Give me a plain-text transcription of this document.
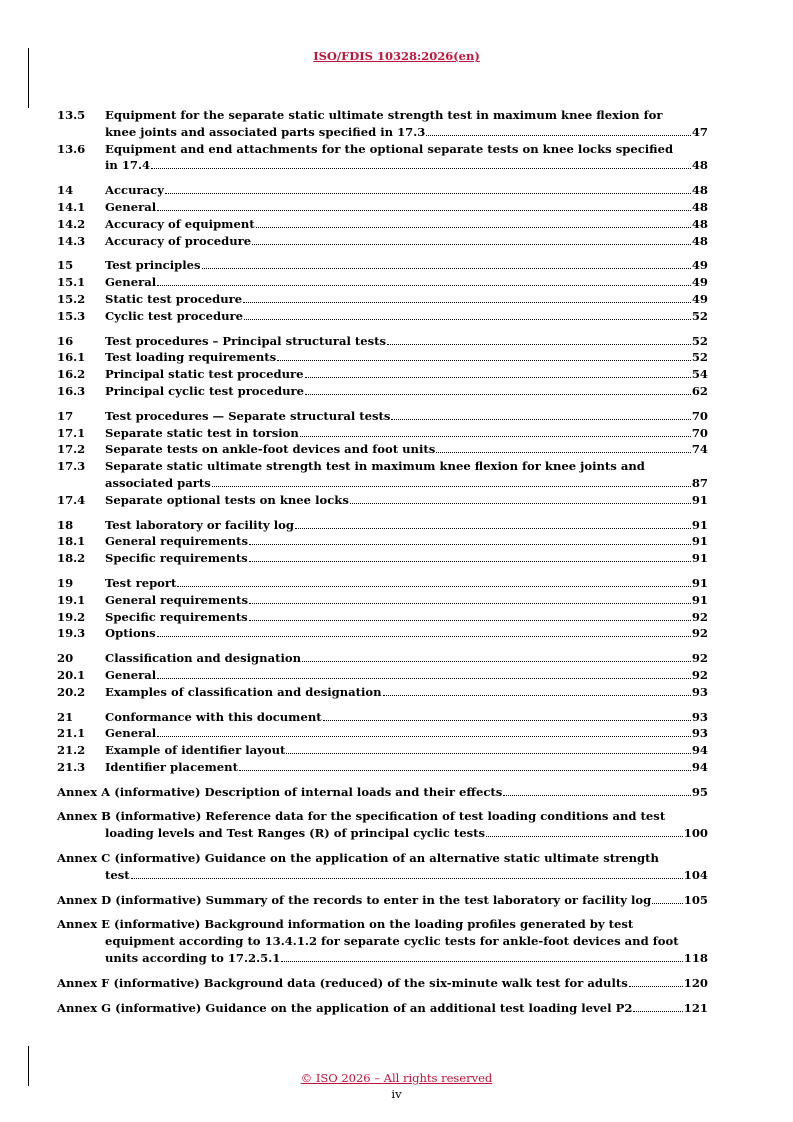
ISO/FDIS 10328:2026(en)
13.5	Equipment for the separate static ultimate strength test in maximum knee flexion for
knee joints and associated parts specified in 17.3	47
13.6	Equipment and end attachments for the optional separate tests on knee locks specified
in 17.4	48
14	Accuracy	48
14.1	General	48
14.2	Accuracy of equipment	48
14.3	Accuracy of procedure	48
15	Test principles	49
15.1	General	49
15.2	Static test procedure	49
15.3	Cyclic test procedure	52
16	Test procedures – Principal structural tests	52
16.1	Test loading requirements	52
16.2	Principal static test procedure	54
16.3	Principal cyclic test procedure	62
17	Test procedures — Separate structural tests	70
17.1	Separate static test in torsion	70
17.2	Separate tests on ankle-foot devices and foot units	74
17.3	Separate static ultimate strength test in maximum knee flexion for knee joints and
associated parts	87
17.4	Separate optional tests on knee locks	91
18	Test laboratory or facility log	91
18.1	General requirements	91
18.2	Specific requirements	91
19	Test report	91
19.1	General requirements	91
19.2	Specific requirements	92
19.3	Options	92
20	Classification and designation	92
20.1	General	92
20.2	Examples of classification and designation	93
21	Conformance with this document	93
21.1	General	93
21.2	Example of identifier layout	94
21.3	Identifier placement	94
Annex A (informative) Description of internal loads and their effects	95
Annex B (informative) Reference data for the specification of test loading conditions and test
loading levels and Test Ranges (R) of principal cyclic tests	100
Annex C (informative) Guidance on the application of an alternative static ultimate strength
test	104
Annex D (informative) Summary of the records to enter in the test laboratory or facility log	105
Annex E (informative) Background information on the loading profiles generated by test
equipment according to 13.4.1.2 for separate cyclic tests for ankle-foot devices and foot
units according to 17.2.5.1	118
Annex F (informative) Background data (reduced) of the six-minute walk test for adults	120
Annex G (informative) Guidance on the application of an additional test loading level P2	121
© ISO 2026 – All rights reserved
iv
